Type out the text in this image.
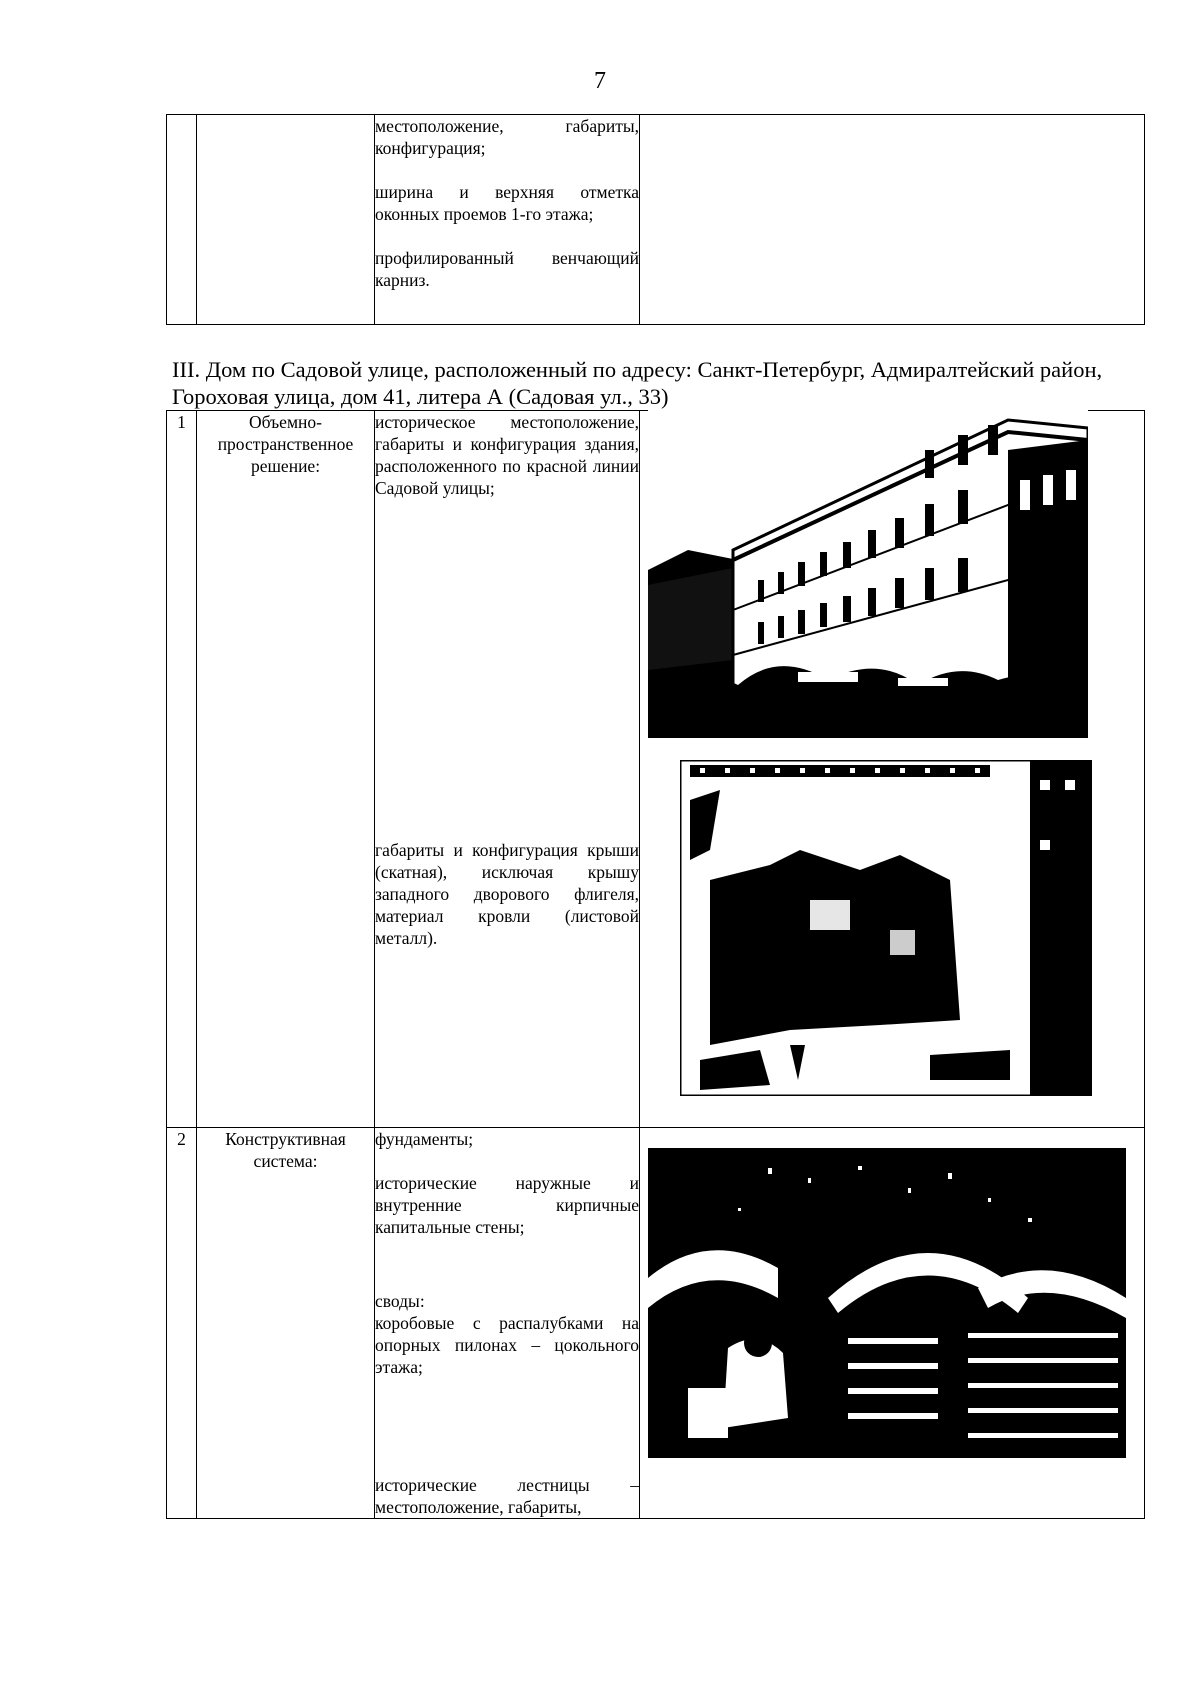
7

местоположение, габариты, конфигурация;

ширина и верхняя отметка оконных проемов 1-го этажа;

профилированный венчающий карниз.

III. Дом по Садовой улице, расположенный по адресу: Санкт-Петербург, Адмиралтейский район, Гороховая улица, дом 41, литера А (Садовая ул., 33)
1	Объемно-пространственное решение:	историческое местоположение, габариты и конфигурация здания, расположенного по красной линии Садовой улицы;

габариты и конфигурация крыши (скатная), исключая крышу западного дворового флигеля, материал кровли (листовой металл).	

2	Конструктивная система:	фундаменты;

исторические наружные и внутренние кирпичные капитальные стены;

своды:

коробовые с распалубками на опорных пилонах – цокольного этажа;

исторические лестницы – местоположение, габариты,	
